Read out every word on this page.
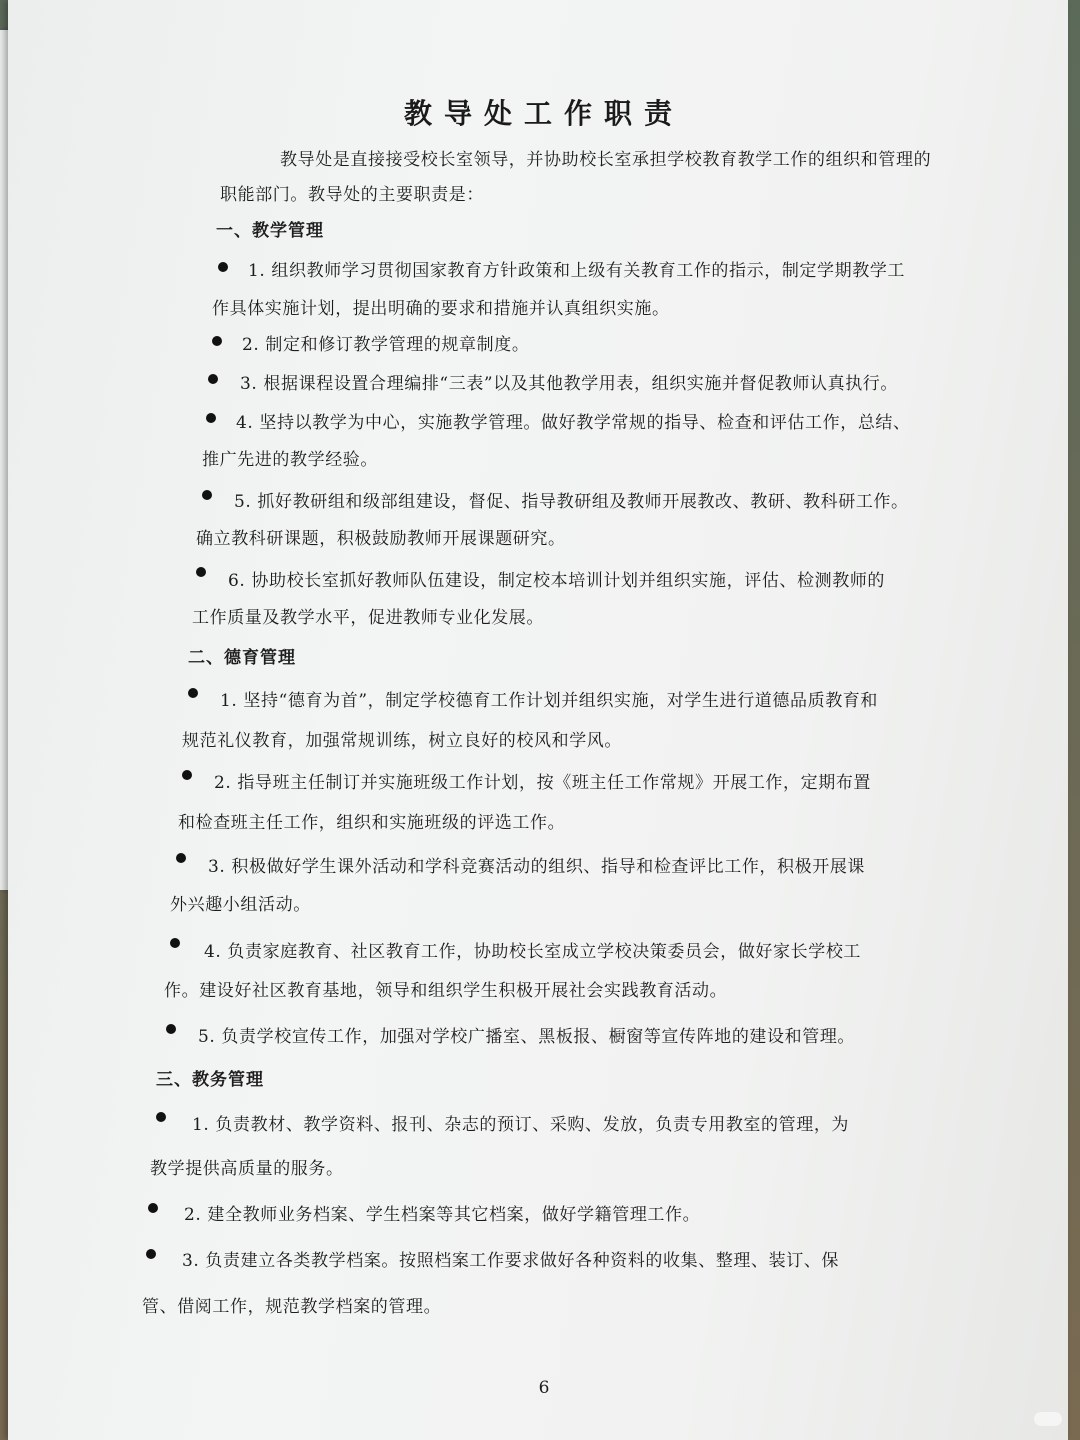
教导处工作职责
教导处是直接接受校长室领导，并协助校长室承担学校教育教学工作的组织和管理的
职能部门。教导处的主要职责是：
一、教学管理
1. 组织教师学习贯彻国家教育方针政策和上级有关教育工作的指示，制定学期教学工
作具体实施计划，提出明确的要求和措施并认真组织实施。
2. 制定和修订教学管理的规章制度。
3. 根据课程设置合理编排“三表”以及其他教学用表，组织实施并督促教师认真执行。
4. 坚持以教学为中心，实施教学管理。做好教学常规的指导、检查和评估工作，总结、
推广先进的教学经验。
5. 抓好教研组和级部组建设，督促、指导教研组及教师开展教改、教研、教科研工作。
确立教科研课题，积极鼓励教师开展课题研究。
6. 协助校长室抓好教师队伍建设，制定校本培训计划并组织实施，评估、检测教师的
工作质量及教学水平，促进教师专业化发展。
二、德育管理
1. 坚持“德育为首”，制定学校德育工作计划并组织实施，对学生进行道德品质教育和
规范礼仪教育，加强常规训练，树立良好的校风和学风。
2. 指导班主任制订并实施班级工作计划，按《班主任工作常规》开展工作，定期布置
和检查班主任工作，组织和实施班级的评选工作。
3. 积极做好学生课外活动和学科竞赛活动的组织、指导和检查评比工作，积极开展课
外兴趣小组活动。
4. 负责家庭教育、社区教育工作，协助校长室成立学校决策委员会，做好家长学校工
作。建设好社区教育基地，领导和组织学生积极开展社会实践教育活动。
5. 负责学校宣传工作，加强对学校广播室、黑板报、橱窗等宣传阵地的建设和管理。
三、教务管理
1. 负责教材、教学资料、报刊、杂志的预订、采购、发放，负责专用教室的管理，为
教学提供高质量的服务。
2. 建全教师业务档案、学生档案等其它档案，做好学籍管理工作。
3. 负责建立各类教学档案。按照档案工作要求做好各种资料的收集、整理、装订、保
管、借阅工作，规范教学档案的管理。
6
